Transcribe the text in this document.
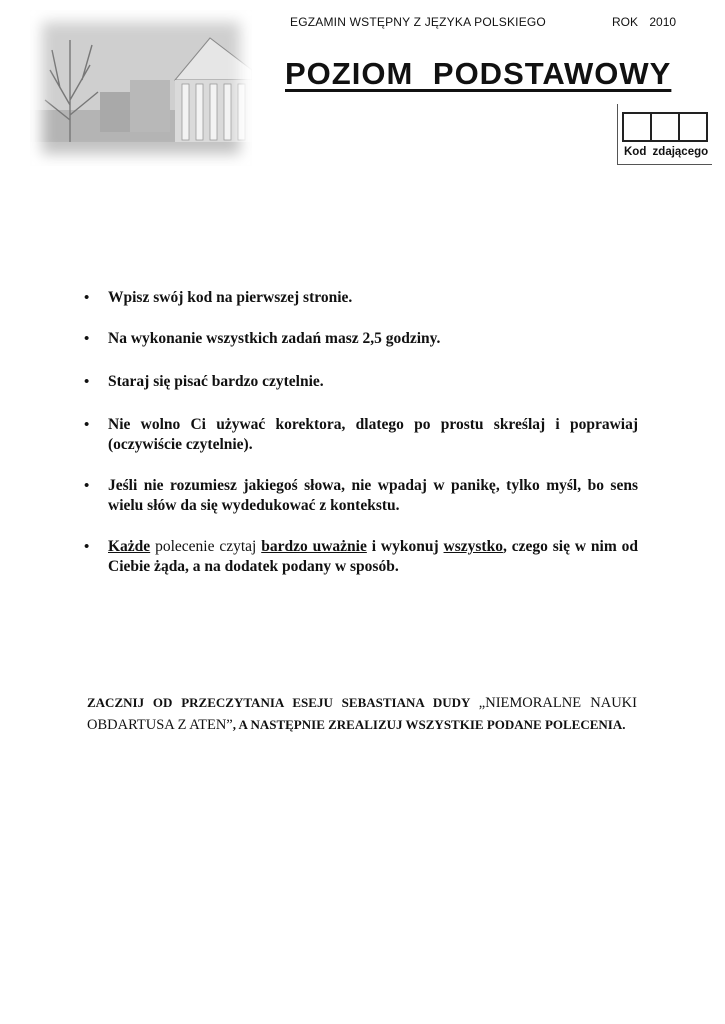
EGZAMIN WSTĘPNY Z JĘZYKA POLSKIEGO	ROK 2010
POZIOM PODSTAWOWY
Kod zdającego
• Wpisz swój kod na pierwszej stronie.
• Na wykonanie wszystkich zadań masz 2,5 godziny.
• Staraj się pisać bardzo czytelnie.
• Nie wolno Ci używać korektora, dlatego po prostu skreślaj i poprawiaj (oczywiście czytelnie).
• Jeśli nie rozumiesz jakiegoś słowa, nie wpadaj w panikę, tylko myśl, bo sens wielu słów da się wydedukować z kontekstu.
• Każde polecenie czytaj bardzo uważnie i wykonuj wszystko, czego się w nim od Ciebie żąda, a na dodatek podany w sposób.
ZACZNIJ OD PRZECZYTANIA ESEJU SEBASTIANA DUDY „NIEMORALNE NAUKI OBDARTUSA Z ATEN”, A NASTĘPNIE ZREALIZUJ WSZYSTKIE PODANE POLECENIA.
